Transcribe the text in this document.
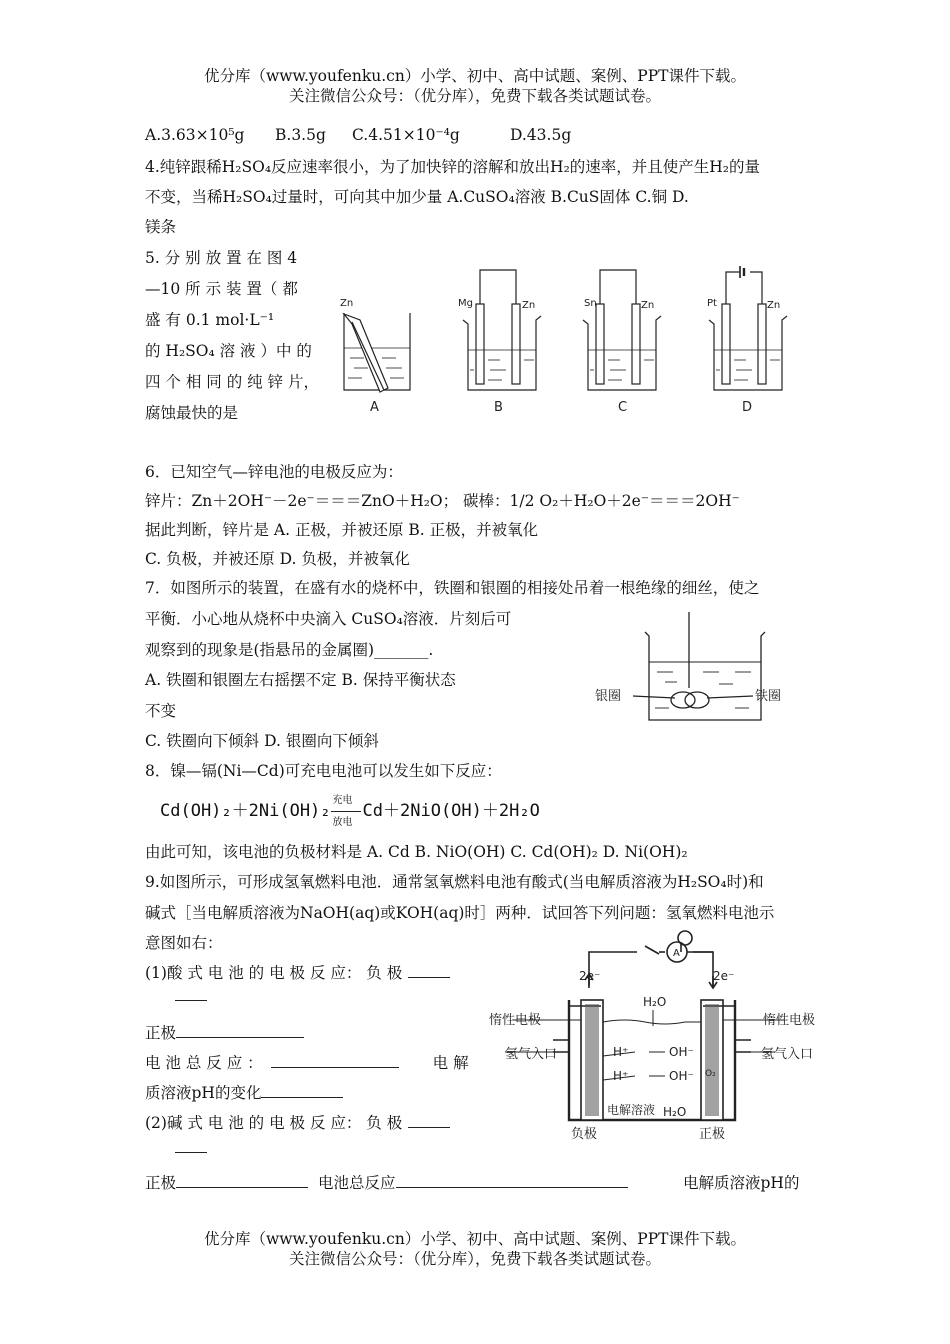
优分库（www.youfenku.cn）小学、初中、高中试题、案例、PPT课件下载。
关注微信公众号：（优分库），免费下载各类试题试卷。
A.3.63×10⁵g B.3.5g C.4.51×10⁻⁴g	D.43.5g
4.纯锌跟稀H₂SO₄反应速率很小，为了加快锌的溶解和放出H₂的速率，并且使产生H₂的量
不变，当稀H₂SO₄过量时，可向其中加少量 A.CuSO₄溶液 B.CuS固体 C.铜 D.
镁条
5. 分 别 放 置 在 图 4
—10 所 示 装 置（ 都
盛 有 0.1 mol·L⁻¹
的 H₂SO₄ 溶 液 ）中 的
四 个 相 同 的 纯 锌 片，
腐蚀最快的是
Zn	Mg	Zn	Sn	Zn	Pt	Zn
A	B	C	D
6．已知空气—锌电池的电极反应为：
锌片：Zn＋2OH⁻－2e⁻＝＝＝ZnO＋H₂O； 碳棒：1/2 O₂＋H₂O＋2e⁻＝＝＝2OH⁻
据此判断，锌片是 A. 正极，并被还原 B. 正极，并被氧化
C. 负极，并被还原 D. 负极，并被氧化
7．如图所示的装置，在盛有水的烧杯中，铁圈和银圈的相接处吊着一根绝缘的细丝，使之
平衡．小心地从烧杯中央滴入 CuSO₄溶液．片刻后可
观察到的现象是(指悬吊的金属圈)_______.
A. 铁圈和银圈左右摇摆不定 B. 保持平衡状态
不变
C. 铁圈向下倾斜 D. 银圈向下倾斜
银圈	铁圈
8．镍—镉(Ni—Cd)可充电电池可以发生如下反应：
Cd(OH)₂＋2Ni(OH)₂
充电
放电
Cd＋2NiO(OH)＋2H₂O
由此可知，该电池的负极材料是 A. Cd B. NiO(OH) C. Cd(OH)₂ D. Ni(OH)₂
9.如图所示，可形成氢氧燃料电池．通常氢氧燃料电池有酸式(当电解质溶液为H₂SO₄时)和
碱式［当电解质溶液为NaOH(aq)或KOH(aq)时］两种．试回答下列问题：氢氧燃料电池示
意图如右：
(1)酸 式 电 池 的 电 极 反 应： 负 极
正极
电 池 总 反 应 ：	电 解
质溶液pH的变化
(2)碱 式 电 池 的 电 极 反 应： 负 极
正极	电池总反应	电解质溶液pH的
2e⁻	2e⁻
A
H₂O
H⁺
H⁺
OH⁻
OH⁻ O₂
H₂O
电解溶液
惰性电极	惰性电极
氢气入口	氢气入口
负极	正极
优分库（www.youfenku.cn）小学、初中、高中试题、案例、PPT课件下载。
关注微信公众号：（优分库），免费下载各类试题试卷。
